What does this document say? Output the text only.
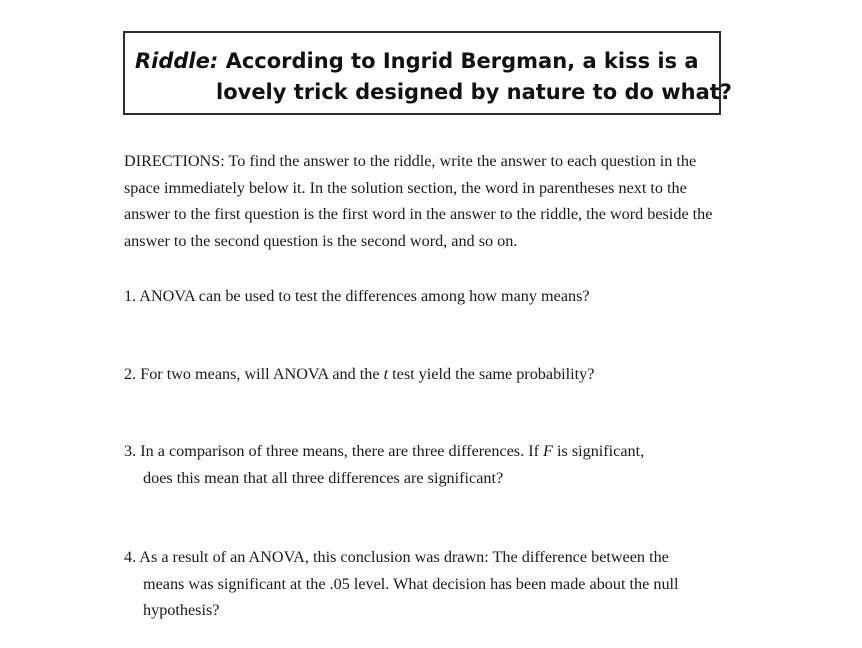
Riddle: According to Ingrid Bergman, a kiss is a
lovely trick designed by nature to do what?
DIRECTIONS: To find the answer to the riddle, write the answer to each question in the space immediately below it. In the solution section, the word in parentheses next to the answer to the first question is the first word in the answer to the riddle, the word beside the answer to the second question is the second word, and so on.
1. ANOVA can be used to test the differences among how many means?
2. For two means, will ANOVA and the t test yield the same probability?
3. In a comparison of three means, there are three differences. If F is significant,
does this mean that all three differences are significant?
4. As a result of an ANOVA, this conclusion was drawn: The difference between the
means was significant at the .05 level. What decision has been made about the null
hypothesis?
